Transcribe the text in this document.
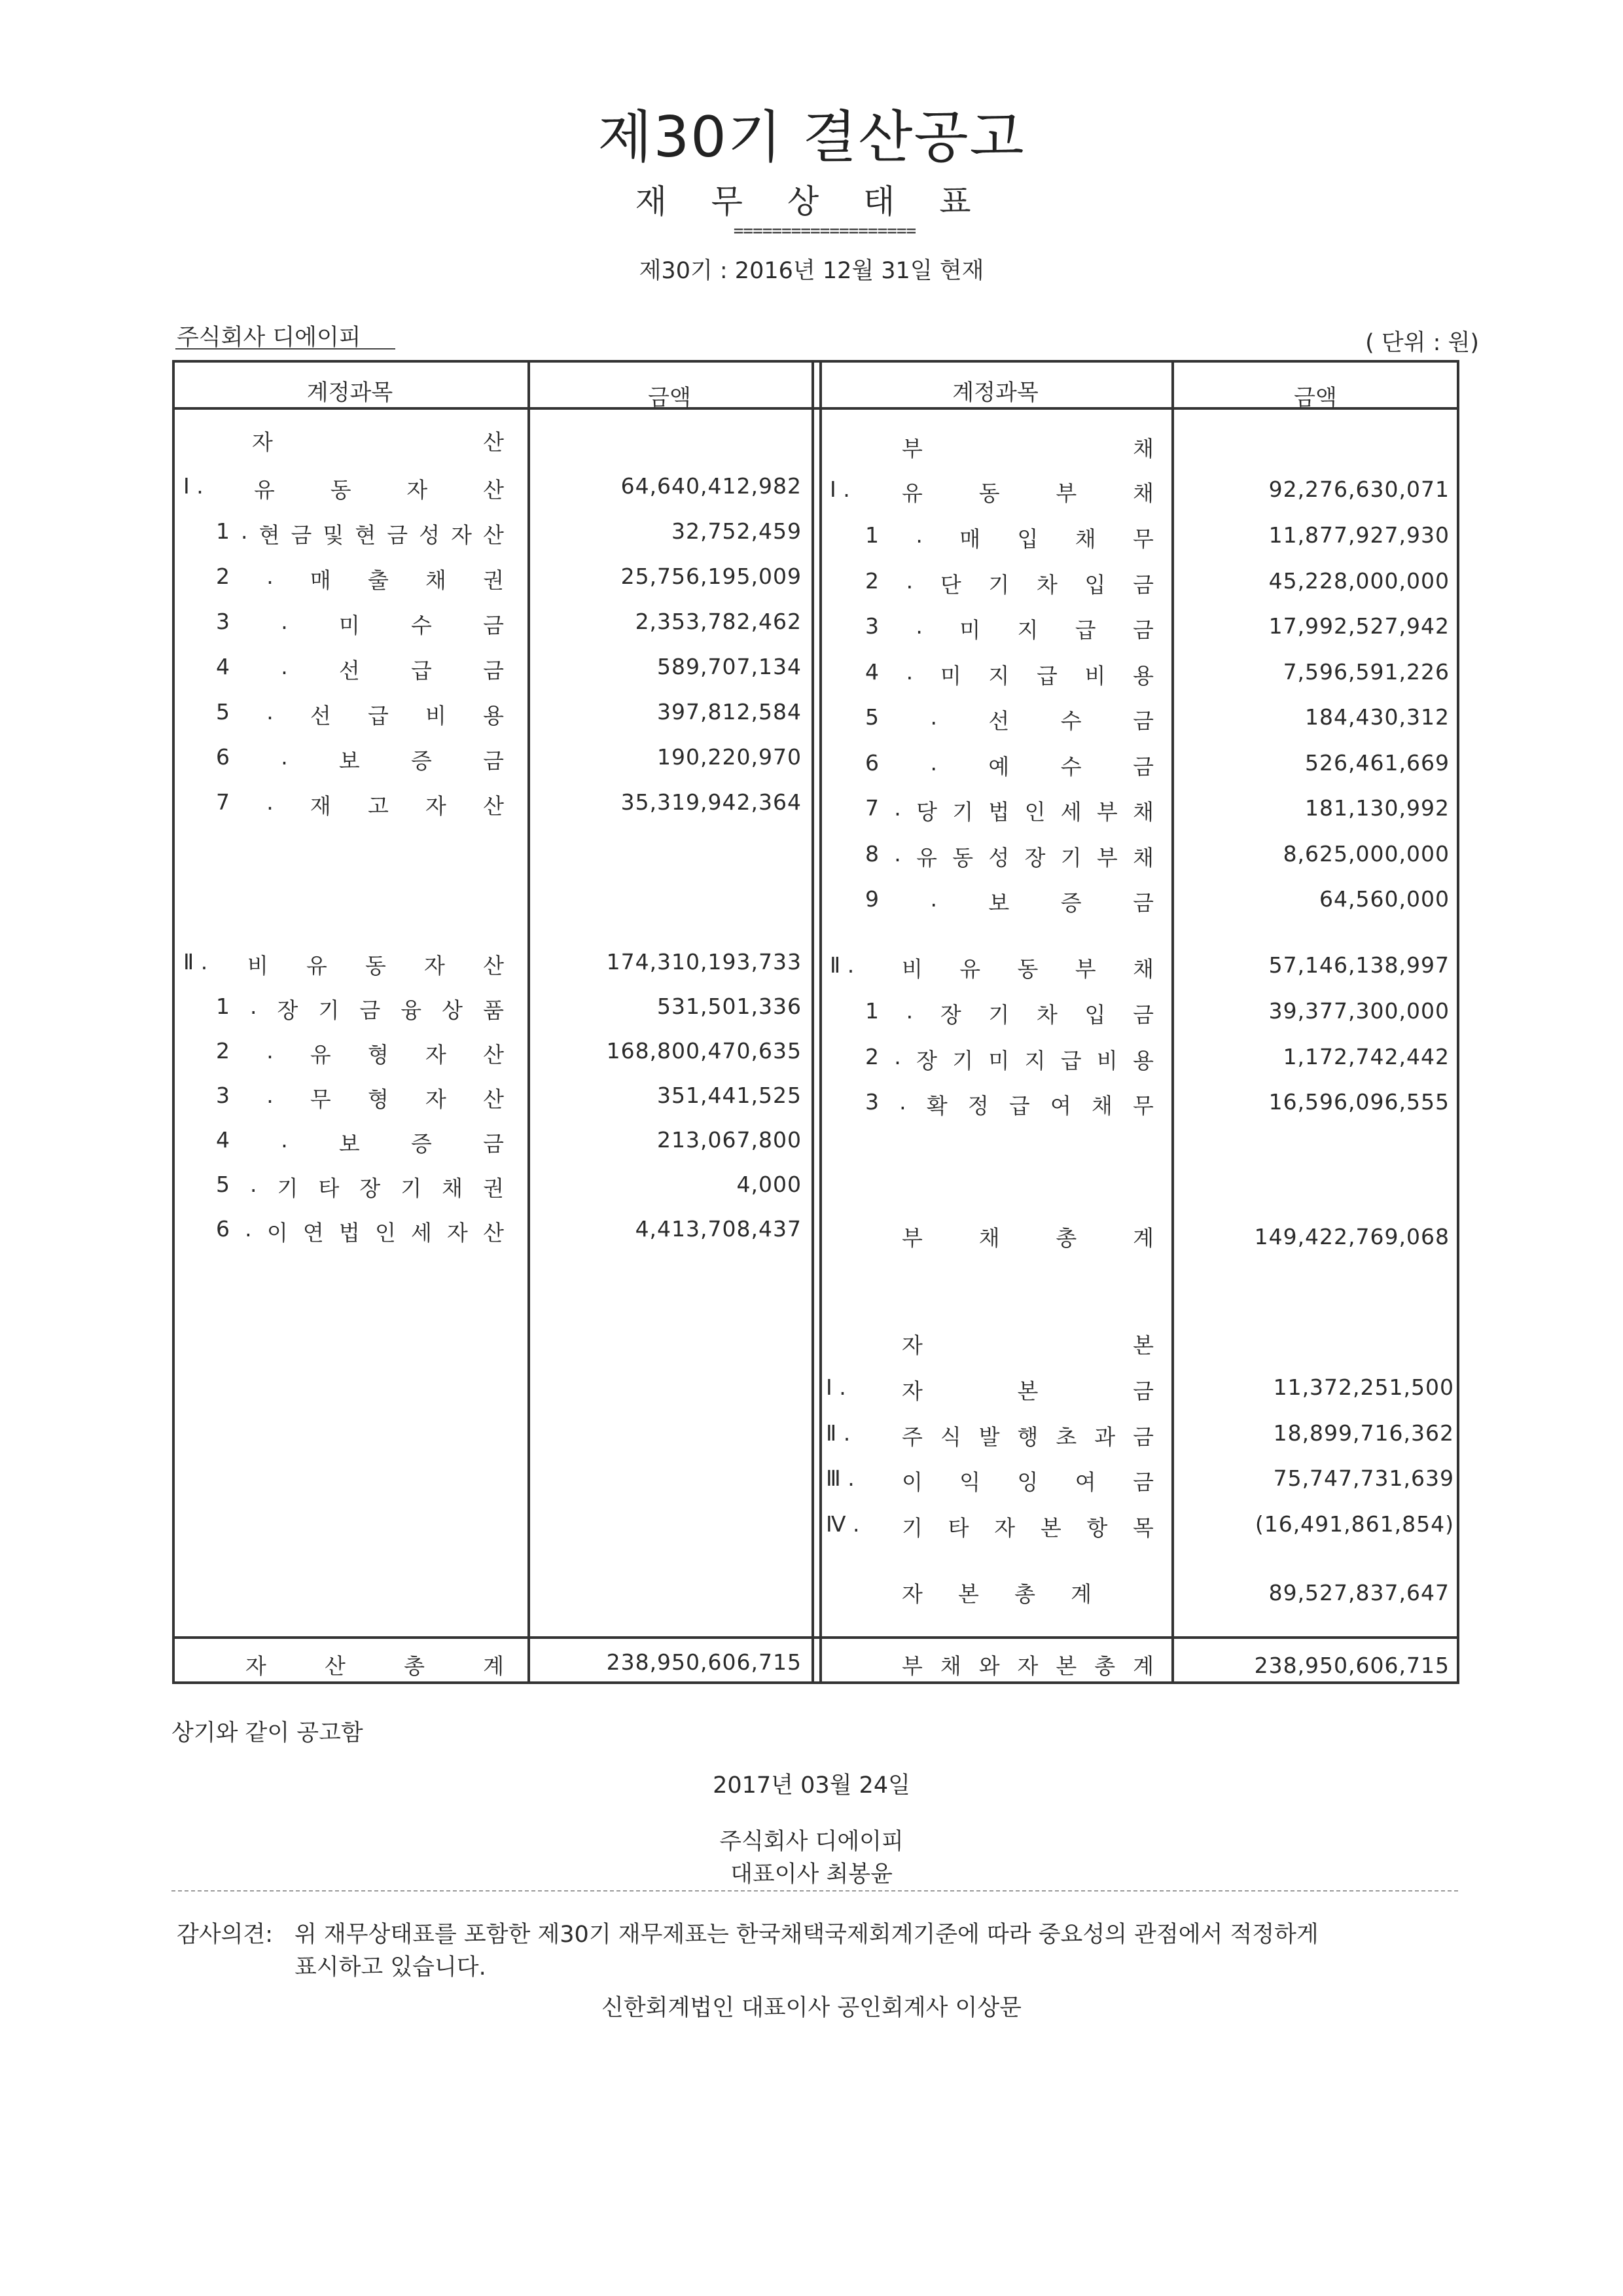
제30기 결산공고
재 무 상 태 표
===================
제30기 : 2016년 12월 31일 현재
주식회사 디에이피	( 단위 : 원)
계정과목	금액	계정과목	금액
자	산
Ⅰ . 유	동	자	산	64,640,412,982
1 . 현 금 및 현 금 성 자 산	32,752,459
2 . 매 출 채 권	25,756,195,009
3 . 미 수 금	2,353,782,462
4 . 선 급 금	589,707,134
5 . 선 급 비 용	397,812,584
6 . 보 증 금	190,220,970
7 . 재 고 자 산	35,319,942,364
Ⅱ . 비 유 동 자 산	174,310,193,733
1 . 장 기 금 융 상 품	531,501,336
2 . 유 형 자 산	168,800,470,635
3 . 무 형 자 산	351,441,525
4 . 보 증 금	213,067,800
5 . 기 타 장 기 채 권	4,000
6 . 이 연 법 인 세 자 산	4,413,708,437
자	산	총	계	238,950,606,715
부	채
Ⅰ . 유	동	부	채	92,276,630,071
1 . 매 입 채 무	11,877,927,930
2 . 단 기 차 입 금	45,228,000,000
3 . 미 지 급 금	17,992,527,942
4 . 미 지 급 비 용	7,596,591,226
5 . 선 수 금	184,430,312
6 . 예 수 금	526,461,669
7 . 당 기 법 인 세 부 채	181,130,992
8 . 유 동 성 장 기 부 채	8,625,000,000
9 . 보 증 금	64,560,000
Ⅱ . 비 유 동 부 채	57,146,138,997
1 . 장 기 차 입 금	39,377,300,000
2 . 장 기 미 지 급 비 용	1,172,742,442
3 . 확 정 급 여 채 무	16,596,096,555
부	채	총	계	149,422,769,068
자	본
Ⅰ .	자	본	금	11,372,251,500
Ⅱ . 주 식 발 행 초 과 금	18,899,716,362
Ⅲ . 이 익 잉 여 금	75,747,731,639
Ⅳ . 기 타 자 본 항 목	(16,491,861,854)
자 본 총 계	89,527,837,647
부 채 와 자 본 총 계	238,950,606,715
상기와 같이 공고함
2017년 03월 24일
주식회사 디에이피
대표이사 최봉윤
감사의견: 위 재무상태표를 포함한 제30기 재무제표는 한국채택국제회계기준에 따라 중요성의 관점에서 적정하게
표시하고 있습니다.
신한회계법인 대표이사 공인회계사 이상문
